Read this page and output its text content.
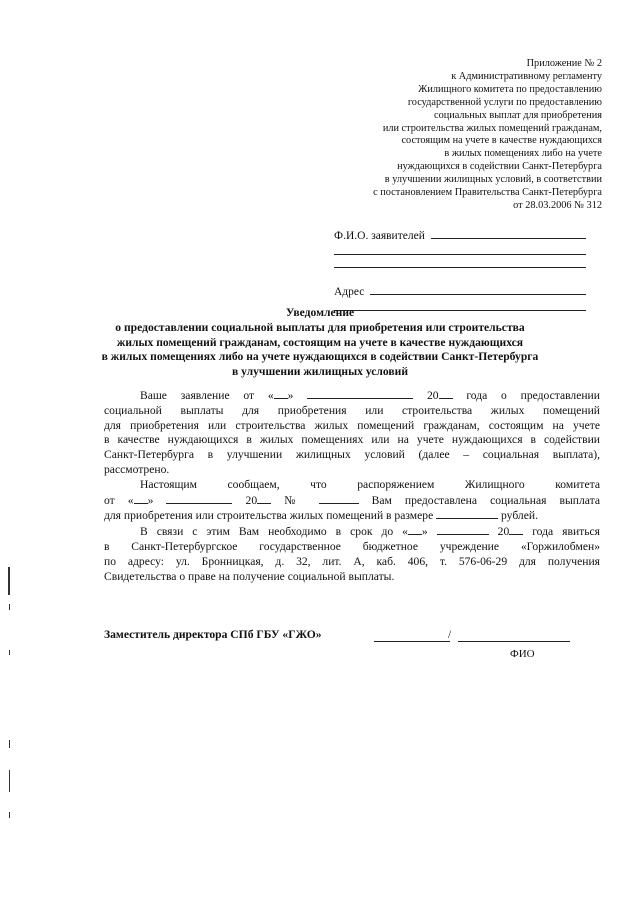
Приложение № 2
к Административному регламенту
Жилищного комитета по предоставлению
государственной услуги по предоставлению
социальных выплат для приобретения
или строительства жилых помещений гражданам,
состоящим на учете в качестве нуждающихся
в жилых помещениях либо на учете
нуждающихся в содействии Санкт-Петербурга
в улучшении жилищных условий, в соответствии
с постановлением Правительства Санкт-Петербурга
от 28.03.2006 № 312
Ф.И.О. заявителей
Адрес
Уведомление
о предоставлении социальной выплаты для приобретения или строительства
жилых помещений гражданам, состоящим на учете в качестве нуждающихся
в жилых помещениях либо на учете нуждающихся в содействии Санкт-Петербурга
в улучшении жилищных условий
Ваше заявление от « »	20 года о предоставлении
социальной выплаты для приобретения или строительства жилых помещений
для приобретения или строительства жилых помещений гражданам, состоящим на учете
в качестве нуждающихся в жилых помещениях или на учете нуждающихся в содействии
Санкт-Петербурга в улучшении жилищных условий (далее – социальная выплата),
рассмотрено.
Настоящим сообщаем, что распоряжением Жилищного комитета
от « »	20 №	Вам предоставлена социальная выплата
для приобретения или строительства жилых помещений в размере	рублей.
В связи с этим Вам необходимо в срок до « »	20 года явиться
в Санкт-Петербургское государственное бюджетное учреждение «Горжилобмен»
по адресу: ул. Бронницкая, д. 32, лит. А, каб. 406, т. 576-06-29 для получения
Свидетельства о праве на получение социальной выплаты.
Заместитель директора СПб ГБУ «ГЖО»	/
ФИО
